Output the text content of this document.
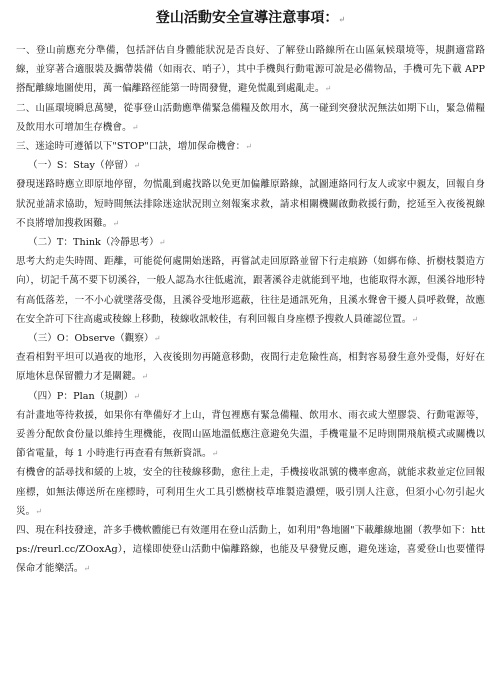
登山活動安全宣導注意事項：↵

一、登山前應充分準備，包括評估自身體能狀況是否良好、了解登山路線所在山區氣候環境等，規劃適當路線，並穿著合適服裝及攜帶裝備（如雨衣、哨子），其中手機與行動電源可說是必備物品，手機可先下載 APP 搭配離線地圖使用，萬一偏離路徑能第一時間發覺，避免慌亂到處亂走。↵

二、山區環境瞬息萬變，從事登山活動應準備緊急備糧及飲用水，萬一碰到突發狀況無法如期下山，緊急備糧及飲用水可增加生存機會。↵

三、迷途時可遵循以下"STOP"口訣，增加保命機會：↵

（一）S：Stay（停留）↵

發現迷路時應立即原地停留，勿慌亂到處找路以免更加偏離原路線，試圖連絡同行友人或家中親友，回報自身狀況並請求協助，短時間無法排除迷途狀況則立刻報案求救，請求相關機關啟動救援行動，挖延至入夜後視線不良將增加搜救困難。↵

（二）T：Think（冷靜思考）↵

思考大約走失時間、距離，可能從何處開始迷路，再嘗試走回原路並留下行走痕跡（如綁布條、折樹枝製造方向），切記千萬不要下切溪谷，一般人認為水往低處流，跟著溪谷走就能到平地，也能取得水源，但溪谷地形特有高低落差，一不小心就墜落受傷，且溪谷受地形遮蔽，往往是通訊死角，且溪水聲會干擾人員呼救聲，故應在安全許可下往高處或稜線上移動，稜線收訊較佳，有利回報自身座標予搜救人員確認位置。↵

（三）O：Observe（觀察）↵

查看相對平坦可以過夜的地形，入夜後則勿再隨意移動，夜間行走危險性高，相對容易發生意外受傷，好好在原地休息保留體力才是關鍵。↵

（四）P：Plan（規劃）↵

有計畫地等待救援，如果你有準備好才上山，背包裡應有緊急備糧、飲用水、雨衣或大塑膠袋、行動電源等，妥善分配飲食份量以維持生理機能，夜間山區地溫低應注意避免失溫，手機電量不足時則開飛航模式或關機以節省電量，每 1 小時進行再查看有無新資訊。↵

有機會的話尋找和緩的上坡，安全的往稜線移動，愈往上走，手機接收訊號的機率愈高，就能求救並定位回報座標，如無法傳送所在座標時，可利用生火工具引燃樹枝草堆製造濃煙，吸引別人注意，但須小心勿引起火災。↵

四、現在科技發達，許多手機軟體能已有效運用在登山活動上，如利用"魯地圖"下載離線地圖（教學如下：https://reurl.cc/ZOoxAg），這樣即使登山活動中偏離路線，也能及早發覺反應，避免迷途，喜愛登山也要懂得保命才能樂活。↵
